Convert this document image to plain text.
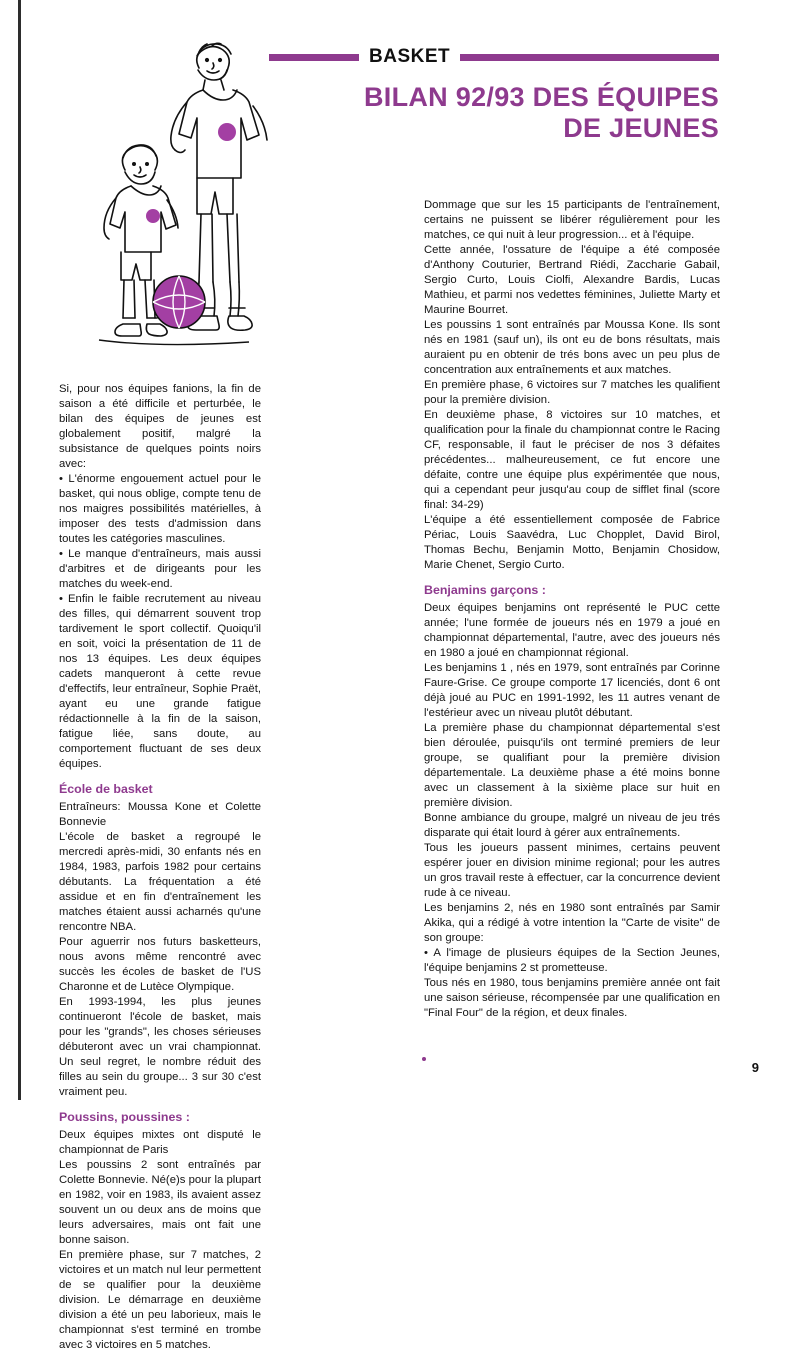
BASKET
BILAN 92/93 DES ÉQUIPES
DE JEUNES

Si, pour nos équipes fanions, la fin de saison a été difficile et perturbée, le bilan des équipes de jeunes est globalement positif, malgré la subsistance de quelques points noirs avec:

• L'énorme engouement actuel pour le basket, qui nous oblige, compte tenu de nos maigres possibilités matérielles, à imposer des tests d'admission dans toutes les catégories masculines.

• Le manque d'entraîneurs, mais aussi d'arbitres et de dirigeants pour les matches du week-end.

• Enfin le faible recrutement au niveau des filles, qui démarrent souvent trop tardivement le sport collectif. Quoiqu'il en soit, voici la présentation de 11 de nos 13 équipes. Les deux équipes cadets manqueront à cette revue d'effectifs, leur entraîneur, Sophie Praët, ayant eu une grande fatigue rédactionnelle à la fin de la saison, fatigue liée, sans doute, au comportement fluctuant de ses deux équipes.

École de basket

Entraîneurs: Moussa Kone et Colette Bonnevie

L'école de basket a regroupé le mercredi après-midi, 30 enfants nés en 1984, 1983, parfois 1982 pour certains débutants. La fréquentation a été assidue et en fin d'entraînement les matches étaient aussi acharnés qu'une rencontre NBA.

Pour aguerrir nos futurs basketteurs, nous avons même rencontré avec succès les écoles de basket de l'US Charonne et de Lutèce Olympique.

En 1993-1994, les plus jeunes continueront l'école de basket, mais pour les "grands", les choses sérieuses débuteront avec un vrai championnat. Un seul regret, le nombre réduit des filles au sein du groupe... 3 sur 30 c'est vraiment peu.

Poussins, poussines :

Deux équipes mixtes ont disputé le championnat de Paris

Les poussins 2 sont entraînés par Colette Bonnevie. Né(e)s pour la plupart en 1982, voir en 1983, ils avaient assez souvent un ou deux ans de moins que leurs adversaires, mais ont fait une bonne saison.

En première phase, sur 7 matches, 2 victoires et un match nul leur permettent de se qualifier pour la deuxième division. Le démarrage en deuxième division a été un peu laborieux, mais le championnat s'est terminé en trombe avec 3 victoires en 5 matches.

Dommage que sur les 15 participants de l'entraînement, certains ne puissent se libérer régulièrement pour les matches, ce qui nuit à leur progression... et à l'équipe.

Cette année, l'ossature de l'équipe a été composée d'Anthony Couturier, Bertrand Riédi, Zaccharie Gabail, Sergio Curto, Louis Ciolfi, Alexandre Bardis, Lucas Mathieu, et parmi nos vedettes féminines, Juliette Marty et Maurine Bourret.

Les poussins 1 sont entraînés par Moussa Kone. Ils sont nés en 1981 (sauf un), ils ont eu de bons résultats, mais auraient pu en obtenir de trés bons avec un peu plus de concentration aux entraînements et aux matches.

En première phase, 6 victoires sur 7 matches les qualifient pour la première division.

En deuxième phase, 8 victoires sur 10 matches, et qualification pour la finale du championnat contre le Racing CF, responsable, il faut le préciser de nos 3 défaites précédentes... malheureusement, ce fut encore une défaite, contre une équipe plus expérimentée que nous, qui a cependant peur jusqu'au coup de sifflet final (score final: 34-29)

L'équipe a été essentiellement composée de Fabrice Périac, Louis Saavédra, Luc Chopplet, David Birol, Thomas Bechu, Benjamin Motto, Benjamin Chosidow, Marie Chenet, Sergio Curto.

Benjamins garçons :

Deux équipes benjamins ont représenté le PUC cette année; l'une formée de joueurs nés en 1979 a joué en championnat départemental, l'autre, avec des joueurs nés en 1980 a joué en championnat régional.

Les benjamins 1 , nés en 1979, sont entraînés par Corinne Faure-Grise. Ce groupe comporte 17 licenciés, dont 6 ont déjà joué au PUC en 1991-1992, les 11 autres venant de l'estérieur avec un niveau plutôt débutant.

La première phase du championnat départemental s'est bien déroulée, puisqu'ils ont terminé premiers de leur groupe, se qualifiant pour la première division départementale. La deuxième phase a été moins bonne avec un classement à la sixième place sur huit en première division.

Bonne ambiance du groupe, malgré un niveau de jeu trés disparate qui était lourd à gérer aux entraînements.

Tous les joueurs passent minimes, certains peuvent espérer jouer en division minime regional; pour les autres un gros travail reste à effectuer, car la concurrence devient rude à ce niveau.

Les benjamins 2, nés en 1980 sont entraînés par Samir Akika, qui a rédigé à votre intention la "Carte de visite" de son groupe:

• A l'image de plusieurs équipes de la Section Jeunes, l'équipe benjamins 2 st prometteuse.

Tous nés en 1980, tous benjamins première année ont fait une saison sérieuse, récompensée par une qualification en "Final Four" de la région, et deux finales.

9
